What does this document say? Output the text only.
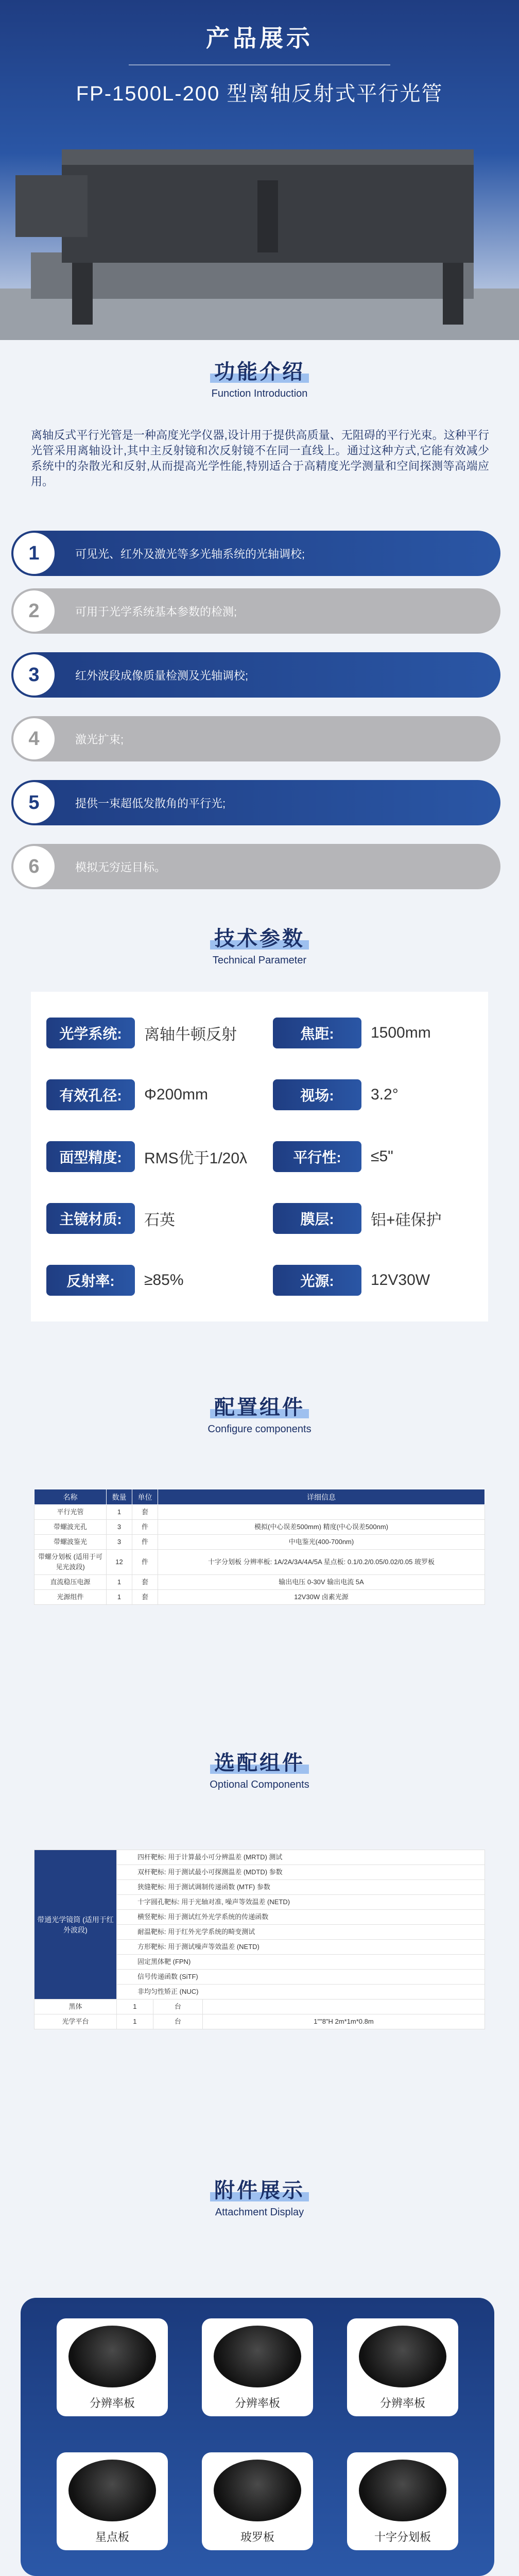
产品展示
FP-1500L-200 型离轴反射式平行光管
功能介绍
Function Introduction
离轴反式平行光管是一种高度光学仪器,设计用于提供高质量、无阻碍的平行光束。这种平行光管采用离轴设计,其中主反射镜和次反射镜不在同一直线上。通过这种方式,它能有效减少系统中的杂散光和反射,从而提高光学性能,特别适合于高精度光学测量和空间探测等高端应用。
1	可见光、红外及激光等多光轴系统的光轴调校;
2	可用于光学系统基本参数的检测;
3	红外波段成像质量检测及光轴调校;
4	激光扩束;
5	提供一束超低发散角的平行光;
6	模拟无穷远目标。
技术参数
Technical Parameter
光学系统:	离轴牛顿反射	焦距:	1500mm
有效孔径:	Φ200mm	视场:	3.2°
面型精度:	RMS优于1/20λ	平行性:	≤5"
主镜材质:	石英	膜层:	铝+硅保护
反射率:	≥85%	光源:	12V30W
配置组件
Configure components
名称	数量	单位	详细信息
平行光管	1	套	
带螺波光孔	3	件	模拟(中心误差500mm) 精度(中心误差500nm)
带螺波鉴光	3	件	中电鉴光(400-700nm)
带螺分划板 (适用于可见光波段)	12	件	十字分划板 分辨率板: 1A/2A/3A/4A/5A 星点板: 0.1/0.2/0.05/0.02/0.05 玻罗板
直流稳压电源	1	套	输出电压 0-30V 输出电流 5A
光源组件	1	套	12V30W 卤素光源
选配组件
Optional Components
带通光学镜筒 (适用于红外波段)	四杆靶标: 用于计算最小可分辨温差 (MRTD) 测试		
	双杆靶标: 用于测试最小可探测温差 (MDTD) 参数		
	狭缝靶标: 用于测试调制传递函数 (MTF) 参数		
	十字圆孔靶标: 用于光轴对准, 噪声等效温差 (NETD)		
	横竖靶标: 用于测试红外光学系统的传递函数		
	耐温靶标: 用于红外光学系统的畸变测试		
	方形靶标: 用于测试噪声等效温差 (NETD)		
	固定黑体靶 (FPN)		
	信号传递函数 (SiTF)		
	非均匀性矫正 (NUC)		
黑体	1	台	
光学平台	1	台	1""8"H 2m*1m*0.8m
附件展示
Attachment Display
分辨率板	分辨率板	分辨率板
星点板	玻罗板	十字分划板
